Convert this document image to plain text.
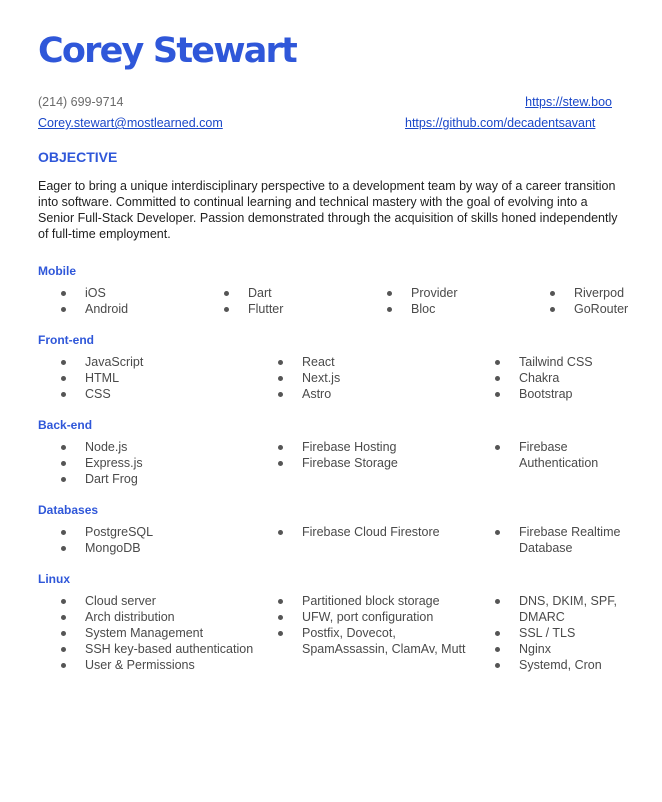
Corey Stewart
(214) 699-9714	https://stew.boo
Corey.stewart@mostlearned.com	https://github.com/decadentsavant
OBJECTIVE
Eager to bring a unique interdisciplinary perspective to a development team by way of a career transition into software. Committed to continual learning and technical mastery with the goal of evolving into a Senior Full-Stack Developer. Passion demonstrated through the acquisition of skills honed independently of full-time employment.
Mobile
iOS
Android
Dart
Flutter
Provider
Bloc
Riverpod
GoRouter
Front-end
JavaScript
HTML
CSS
React
Next.js
Astro
Tailwind CSS
Chakra
Bootstrap
Back-end
Node.js
Express.js
Dart Frog
Firebase Hosting
Firebase Storage
Firebase Authentication
Databases
PostgreSQL
MongoDB
Firebase Cloud Firestore	Firebase Realtime Database
Linux
Cloud server
Arch distribution
System Management
SSH key-based authentication
User & Permissions
Partitioned block storage
UFW, port configuration
Postfix, Dovecot, SpamAssassin, ClamAv, Mutt
DNS, DKIM, SPF, DMARC
SSL / TLS
Nginx
Systemd, Cron
